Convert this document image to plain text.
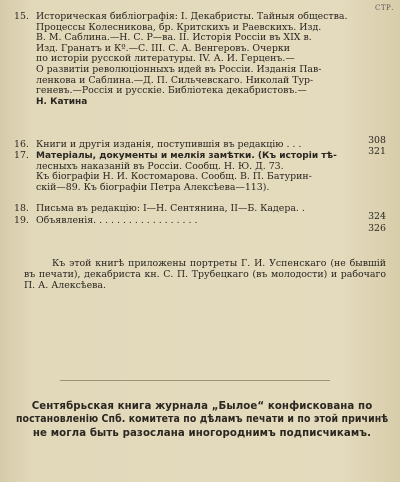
СТР.
15. Историческая библіографія: I. Декабристы. Тайныя общества.
Процессы Колесникова, бр. Критскихъ и Раевскихъ. Изд.
В. М. Саблина.—Н. С. Р—ва. II. Исторія Россіи въ XIX в.
Изд. Гранатъ и Кº.—С. III. С. А. Венгеровъ. Очерки
по исторіи русской литературы. IV. А. И. Герценъ.—
О развитіи революціонныхъ идей въ Россіи. Изданія Пав-
ленкова и Саблина.—Д. П. Сильчевскаго. Николай Тур-
геневъ.—Россія и русскіе. Библіотека декабристовъ.—
Н. Катина
16. Книги и другія изданія, поступившія въ редакцію . . .	308
17. Матеріалы, документы и мелкія замѣтки. (Къ исторіи тѣ-
лесныхъ наказаній въ Россіи. Сообщ. Н. Ю. Д. 73.
Къ біографіи Н. И. Костомарова. Сообщ. В. П. Батурин-
скій—89. Къ біографіи Петра Алексѣева—113).
321
18. Письма въ редакцію: I—Н. Сентянина, II—Б. Кадера. .
324
19. Объявленія. . . . . . . . . . . . . . . . . .
326
Къ этой книгѣ приложены портреты Г. И. Успенскаго (не бывшій въ печати), декабриста кн. С. П. Трубецкаго (въ молодости) и рабочаго П. А. Алексѣева.
Сентябрьская книга журнала „Былое“ конфискована по
постановленію Спб. комитета по дѣламъ печати и по этой причинѣ
не могла быть разослана иногороднимъ подписчикамъ.
